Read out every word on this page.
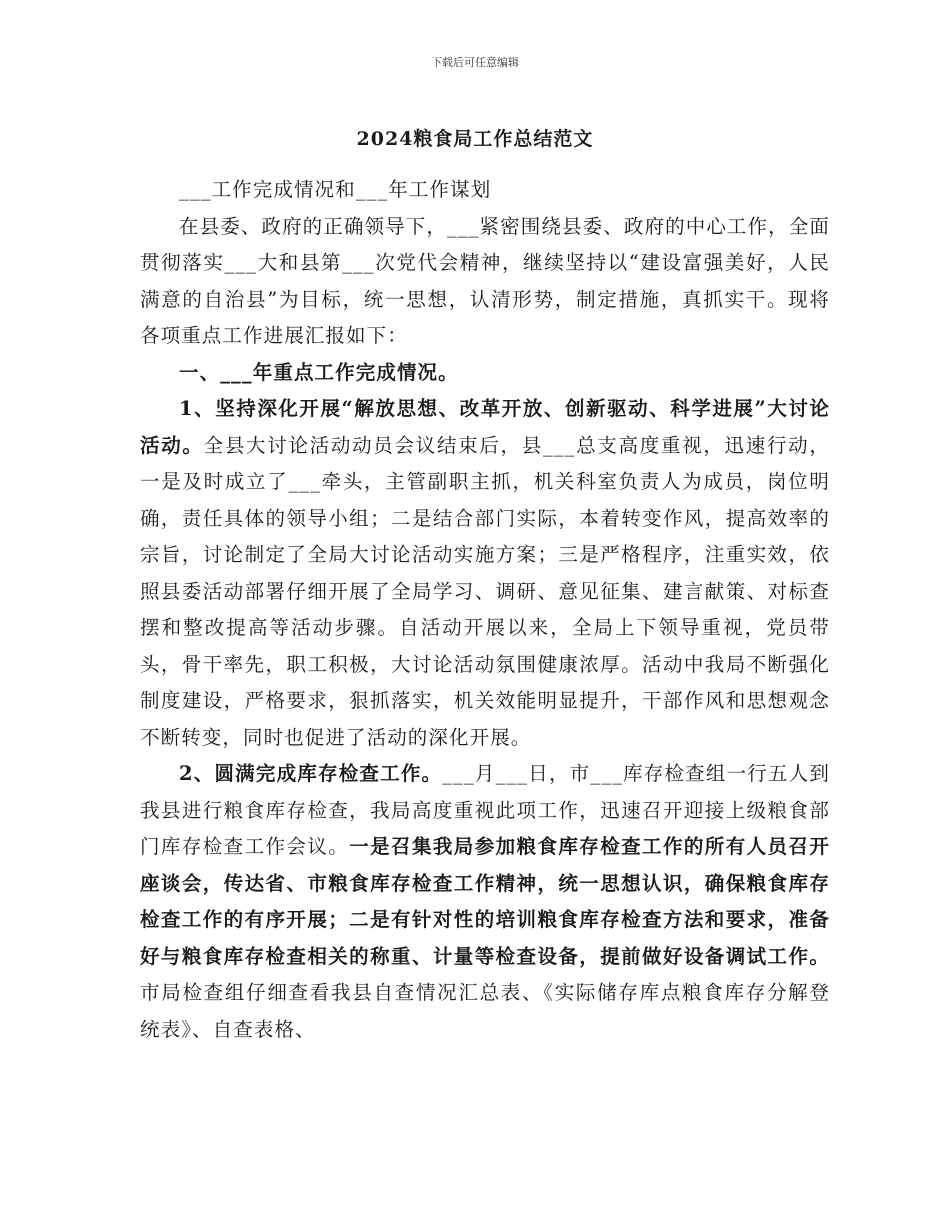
下载后可任意编辑
2024粮食局工作总结范文

___工作完成情况和___年工作谋划

在县委、政府的正确领导下，___紧密围绕县委、政府的中心工作，全面贯彻落实___大和县第___次党代会精神，继续坚持以“建设富强美好，人民满意的自治县”为目标，统一思想，认清形势，制定措施，真抓实干。现将各项重点工作进展汇报如下：

一、___年重点工作完成情况。

1、坚持深化开展“解放思想、改革开放、创新驱动、科学进展”大讨论活动。全县大讨论活动动员会议结束后，县___总支高度重视，迅速行动，一是及时成立了___牵头，主管副职主抓，机关科室负责人为成员，岗位明确，责任具体的领导小组；二是结合部门实际，本着转变作风，提高效率的宗旨，讨论制定了全局大讨论活动实施方案；三是严格程序，注重实效，依照县委活动部署仔细开展了全局学习、调研、意见征集、建言献策、对标查摆和整改提高等活动步骤。自活动开展以来，全局上下领导重视，党员带头，骨干率先，职工积极，大讨论活动氛围健康浓厚。活动中我局不断强化制度建设，严格要求，狠抓落实，机关效能明显提升，干部作风和思想观念不断转变，同时也促进了活动的深化开展。

2、圆满完成库存检查工作。___月___日，市___库存检查组一行五人到我县进行粮食库存检查，我局高度重视此项工作，迅速召开迎接上级粮食部门库存检查工作会议。一是召集我局参加粮食库存检查工作的所有人员召开座谈会，传达省、市粮食库存检查工作精神，统一思想认识，确保粮食库存检查工作的有序开展；二是有针对性的培训粮食库存检查方法和要求，准备好与粮食库存检查相关的称重、计量等检查设备，提前做好设备调试工作。市局检查组仔细查看我县自查情况汇总表、《实际储存库点粮食库存分解登统表》、自查表格、
